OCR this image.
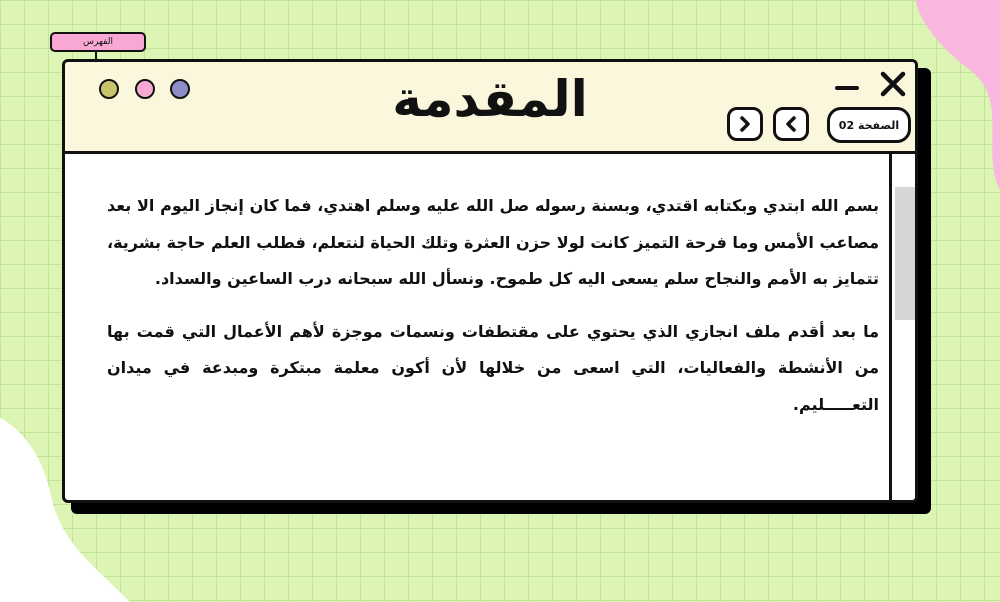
الفهرس
المقدمة	الصفحة 02

بسم الله ابتدي وبكتابه اقتدي، وبسنة رسوله صل الله عليه وسلم اهتدي، فما كان إنجاز اليوم الا بعد مصاعب الأمس وما فرحة التميز كانت لولا حزن العثرة وتلك الحياة لنتعلم، فطلب العلم حاجة بشرية، تتمايز به الأمم والنجاح سلم يسعى اليه كل طموح. ونسأل الله سبحانه درب الساعين والسداد.

ما بعد أقدم ملف انجازي الذي يحتوي على مقتطفات ونسمات موجزة لأهم الأعمال التي قمت بها من الأنشطة والفعاليات، التي اسعى من خلالها لأن أكون معلمة مبتكرة ومبدعة في ميدان التعـــــليم.
